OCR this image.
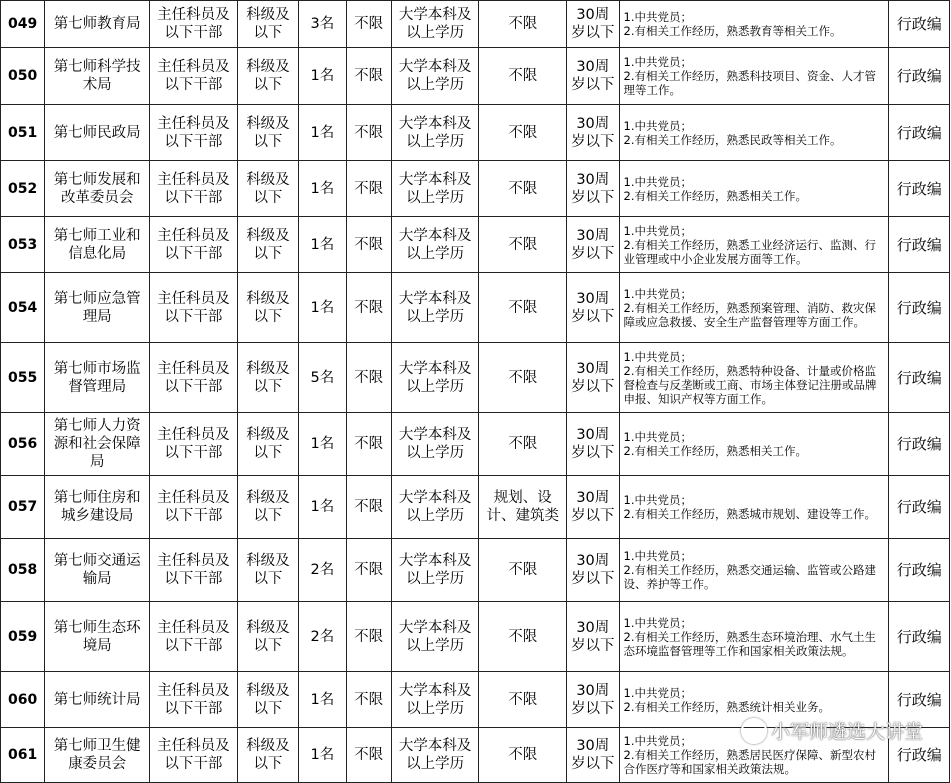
049	第七师教育局	主任科员及以下干部	科级及以下	3名	不限	大学本科及以上学历	不限	30周岁以下	1.中共党员；
2.有相关工作经历，熟悉教育等相关工作。	行政编
050	第七师科学技术局	主任科员及以下干部	科级及以下	1名	不限	大学本科及以上学历	不限	30周岁以下	1.中共党员；
2.有相关工作经历，熟悉科技项目、资金、人才管理等工作。	行政编
051	第七师民政局	主任科员及以下干部	科级及以下	1名	不限	大学本科及以上学历	不限	30周岁以下	1.中共党员；
2.有相关工作经历，熟悉民政等相关工作。	行政编
052	第七师发展和改革委员会	主任科员及以下干部	科级及以下	1名	不限	大学本科及以上学历	不限	30周岁以下	1.中共党员；
2.有相关工作经历，熟悉相关工作。	行政编
053	第七师工业和信息化局	主任科员及以下干部	科级及以下	1名	不限	大学本科及以上学历	不限	30周岁以下	1.中共党员；
2.有相关工作经历，熟悉工业经济运行、监测、行业管理或中小企业发展方面等工作。	行政编
054	第七师应急管理局	主任科员及以下干部	科级及以下	1名	不限	大学本科及以上学历	不限	30周岁以下	1.中共党员；
2.有相关工作经历，熟悉预案管理、消防、救灾保障或应急救援、安全生产监督管理等方面工作。	行政编
055	第七师市场监督管理局	主任科员及以下干部	科级及以下	5名	不限	大学本科及以上学历	不限	30周岁以下	1.中共党员；
2.有相关工作经历，熟悉特种设备、计量或价格监督检查与反垄断或工商、市场主体登记注册或品牌申报、知识产权等方面工作。	行政编
056	第七师人力资源和社会保障局	主任科员及以下干部	科级及以下	1名	不限	大学本科及以上学历	不限	30周岁以下	1.中共党员；
2.有相关工作经历，熟悉相关工作。	行政编
057	第七师住房和城乡建设局	主任科员及以下干部	科级及以下	1名	不限	大学本科及以上学历	规划、设计、建筑类	30周岁以下	1.中共党员；
2.有相关工作经历，熟悉城市规划、建设等工作。	行政编
058	第七师交通运输局	主任科员及以下干部	科级及以下	2名	不限	大学本科及以上学历	不限	30周岁以下	1.中共党员；
2.有相关工作经历，熟悉交通运输、监管或公路建设、养护等工作。	行政编
059	第七师生态环境局	主任科员及以下干部	科级及以下	2名	不限	大学本科及以上学历	不限	30周岁以下	1.中共党员；
2.有相关工作经历，熟悉生态环境治理、水气土生态环境监督管理等工作和国家相关政策法规。	行政编
060	第七师统计局	主任科员及以下干部	科级及以下	1名	不限	大学本科及以上学历	不限	30周岁以下	1.中共党员；
2.有相关工作经历，熟悉统计相关业务。	行政编
061	第七师卫生健康委员会	主任科员及以下干部	科级及以下	1名	不限	大学本科及以上学历	不限	30周岁以下	1.中共党员；
2.有相关工作经历，熟悉居民医疗保障、新型农村合作医疗等和国家相关政策法规。	行政编
小军师遴选大讲堂
